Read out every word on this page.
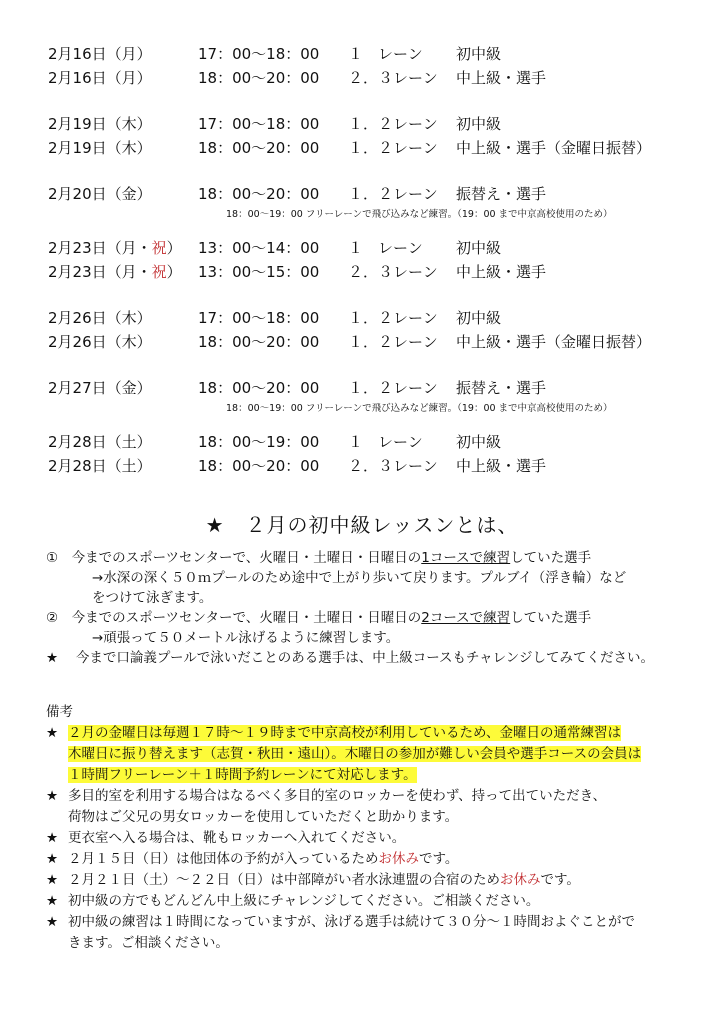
2月16日（月）	17：00〜18：00 １　レーン 初中級
2月16日（月）	18：00〜20：00 ２．３レーン 中上級・選手
2月19日（木）	17：00〜18：00 １．２レーン 初中級
2月19日（木）	18：00〜20：00 １．２レーン 中上級・選手（金曜日振替）
2月20日（金）	18：00〜20：00 １．２レーン 振替え・選手
18：00〜19：00 フリーレーンで飛び込みなど練習。（19：00 まで中京高校使用のため）
2月23日（月・祝） 13：00〜14：00 １　レーン 初中級
2月23日（月・祝） 13：00〜15：00 ２．３レーン 中上級・選手
2月26日（木）	17：00〜18：00 １．２レーン 初中級
2月26日（木）	18：00〜20：00 １．２レーン 中上級・選手（金曜日振替）
2月27日（金）	18：00〜20：00 １．２レーン 振替え・選手
18：00〜19：00 フリーレーンで飛び込みなど練習。（19：00 まで中京高校使用のため）
2月28日（土）	18：00〜19：00 １　レーン 初中級
2月28日（土）	18：00〜20：00 ２．３レーン 中上級・選手
★　２月の初中級レッスンとは、

①　今までのスポーツセンターで、火曜日・土曜日・日曜日の1コースで練習していた選手

→水深の深く５０ｍプールのため途中で上がり歩いて戻ります。プルブイ（浮き輪）など

をつけて泳ぎます。

②　今までのスポーツセンターで、火曜日・土曜日・日曜日の2コースで練習していた選手

→頑張って５０メートル泳げるように練習します。

★　 今まで口論義プールで泳いだことのある選手は、中上級コースもチャレンジしてみてください。

備考

★ ２月の金曜日は毎週１７時〜１９時まで中京高校が利用しているため、金曜日の通常練習は

木曜日に振り替えます（志賀・秋田・遠山）。木曜日の参加が難しい会員や選手コースの会員は

１時間フリーレーン＋１時間予約レーンにて対応します。

★ 多目的室を利用する場合はなるべく多目的室のロッカーを使わず、持って出ていただき、

荷物はご父兄の男女ロッカーを使用していただくと助かります。

★ 更衣室へ入る場合は、靴もロッカーへ入れてください。

★ ２月１５日（日）は他団体の予約が入っているためお休みです。

★ ２月２１日（土）〜２２日（日）は中部障がい者水泳連盟の合宿のためお休みです。

★ 初中級の方でもどんどん中上級にチャレンジしてください。ご相談ください。

★ 初中級の練習は１時間になっていますが、泳げる選手は続けて３０分〜１時間およぐことがで

きます。ご相談ください。
